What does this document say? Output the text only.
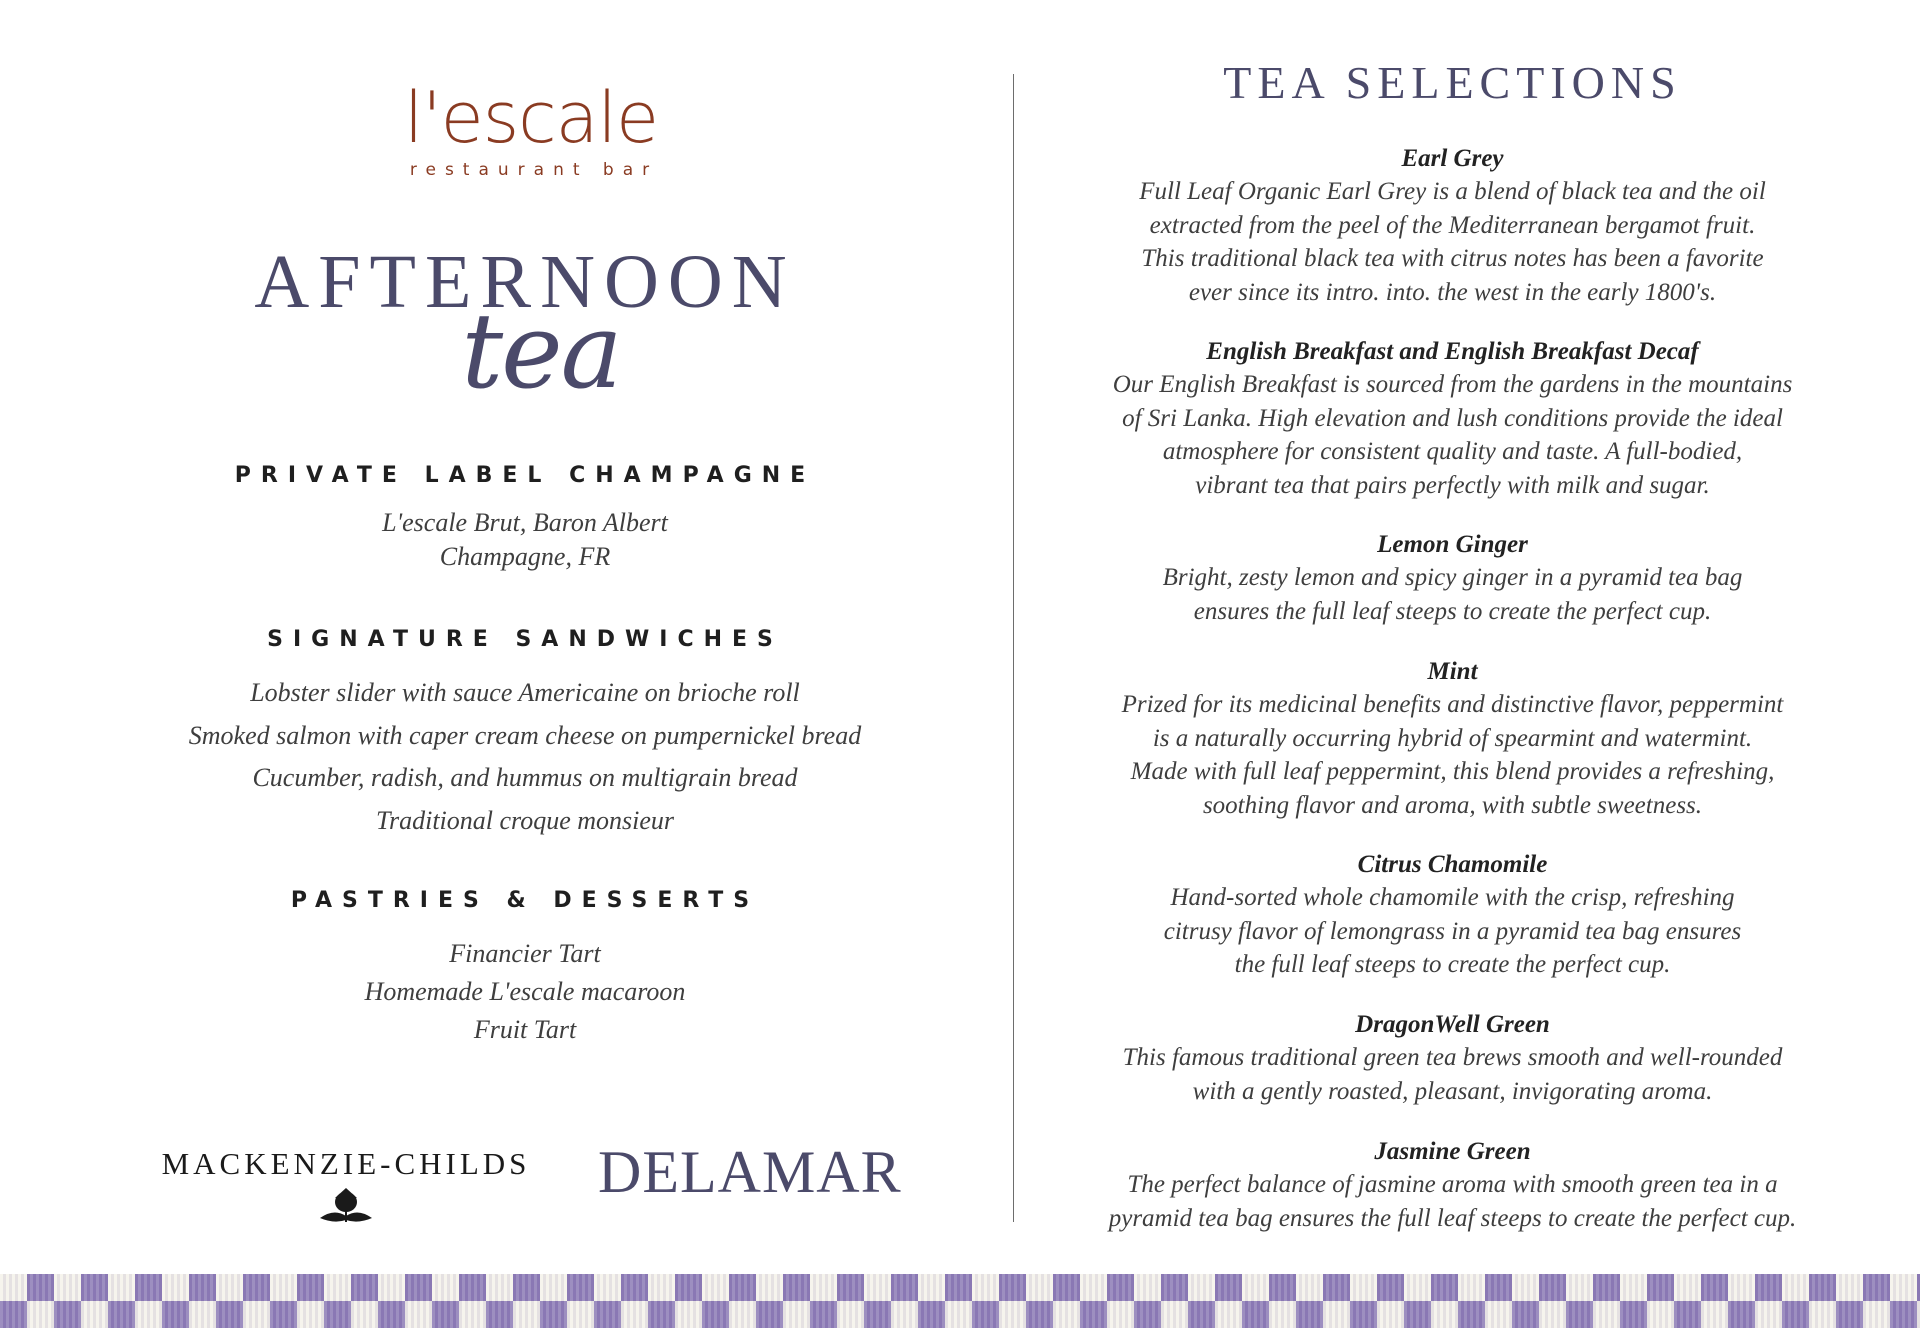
l'escale
restaurant bar
AFTERNOON
tea
PRIVATE LABEL CHAMPAGNE
L'escale Brut, Baron Albert
Champagne, FR
SIGNATURE SANDWICHES
Lobster slider with sauce Americaine on brioche roll
Smoked salmon with caper cream cheese on pumpernickel bread
Cucumber, radish, and hummus on multigrain bread
Traditional croque monsieur
PASTRIES & DESSERTS
Financier Tart
Homemade L'escale macaroon
Fruit Tart
MACKENZIE-CHILDS DELAMAR
TEA SELECTIONS
Earl Grey
Full Leaf Organic Earl Grey is a blend of black tea and the oil
extracted from the peel of the Mediterranean bergamot fruit.
This traditional black tea with citrus notes has been a favorite
ever since its intro. into. the west in the early 1800's.
English Breakfast and English Breakfast Decaf
Our English Breakfast is sourced from the gardens in the mountains
of Sri Lanka. High elevation and lush conditions provide the ideal
atmosphere for consistent quality and taste. A full-bodied,
vibrant tea that pairs perfectly with milk and sugar.
Lemon Ginger
Bright, zesty lemon and spicy ginger in a pyramid tea bag
ensures the full leaf steeps to create the perfect cup.
Mint
Prized for its medicinal benefits and distinctive flavor, peppermint
is a naturally occurring hybrid of spearmint and watermint.
Made with full leaf peppermint, this blend provides a refreshing,
soothing flavor and aroma, with subtle sweetness.
Citrus Chamomile
Hand-sorted whole chamomile with the crisp, refreshing
citrusy flavor of lemongrass in a pyramid tea bag ensures
the full leaf steeps to create the perfect cup.
DragonWell Green
This famous traditional green tea brews smooth and well-rounded
with a gently roasted, pleasant, invigorating aroma.
Jasmine Green
The perfect balance of jasmine aroma with smooth green tea in a
pyramid tea bag ensures the full leaf steeps to create the perfect cup.
